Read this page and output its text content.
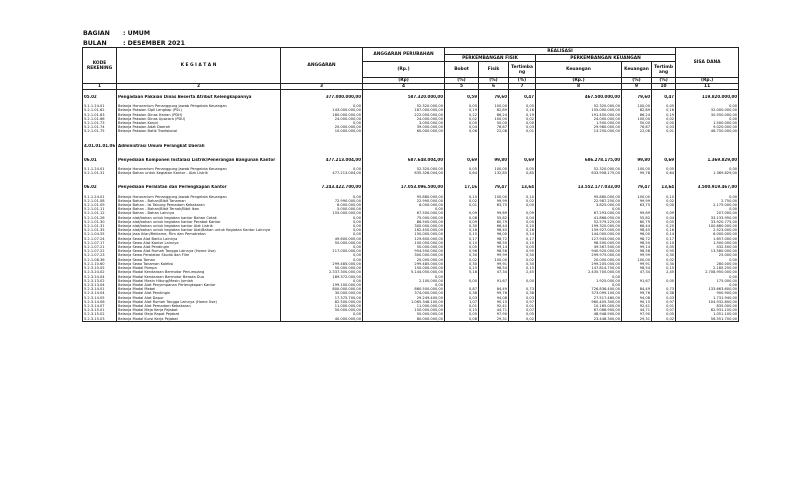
BAGIAN : UMUM
BULAN	: DESEMBER 2021
KODE REKENING	K E G I A T A N	ANGGARAN	ANGGARAN PERUBAHAN	REALISASI						SISA DANA
				PERKEMBANGAN FISIK			PERKEMBANGAN KEUANGAN			
			(Rp.)	Bobot	Fisik	Tertimbang	Keuangan	Keuangan	Tertimbang	
			(Rp)	(%)	(%)	(%)	(Rp.)	(%)	(%)	(Rp.)
1	2	3	4	5	6	7	8	9	10	11

05.02	Pengadaan Pakaian Dinas Beserta Atribut Kelengkapannya	377.000.000,00	587.320.000,00	0,59	79,60	0,47	467.500.000,00	79,60	0,47	119.820.000,00

5.1.1.24.01	Belanja Honorarium Penanggung Jawab Pengelola Keuangan	0,00	52.320.000,00	0,05	100,00	0,05	52.320.000,00	100,00	0,05	0,00
5.2.1.01.62	Belanja Pakaian Sipil Lengkap (PSL)	143.000.000,00	187.000.000,00	0,19	82,89	0,16	155.000.000,00	82,89	0,16	32.000.000,00
5.2.1.01.63	Belanja Pakaian Dinas Harian (PDH)	180.000.000,00	222.000.000,00	0,22	86,24	0,19	191.450.000,00	86,24	0,19	30.550.000,00
5.2.1.01.66	Belanja Pakaian Dinas Upacara (PDU)	24.000.000,00	24.000.000,00	0,02	100,00	0,02	24.000.000,00	100,00	0,02	0,00
5.2.1.01.73	Belanja Pakaian Korpri	0,00	3.000.000,00	0,00	50,00	0,00	1.500.000,00	50,00	0,00	1.500.000,00
5.2.1.01.74	Belanja Pakaian Adat Daerah	20.000.000,00	39.000.000,00	0,04	76,87	0,03	29.980.000,00	76,87	0,03	9.020.000,00
5.2.1.01.75	Belanja Pakaian Batik Tradisional	10.000.000,00	60.000.000,00	0,06	22,08	0,01	13.250.000,00	22,08	0,01	46.750.000,00

4.01.01.01.06	Administrasi Umum Perangkat Daerah									

06.01	Penyediaan Komponen Instalasi Listrik/Penerangan Bangunan Kantor	477.213.004,00	687.648.004,00	0,69	99,80	0,69	686.278.175,00	99,80	0,69	1.369.829,00

5.1.1.24.01	Belanja Honorarium Penanggung Jawab Pengelola Keuangan	0,00	52.320.000,00	0,05	100,00	0,05	52.320.000,00	100,00	0,05	0,00
5.2.1.01.31	Belanja Bahan untuk Kegiatan Kantor - Alat Listrik	477.213.004,00	635.328.004,00	0,64	132,85	0,85	633.958.175,00	99,78	0,64	1.369.829,00

06.02	Penyediaan Peralatan dan Perlengkapan Kantor	7.243.422.700,00	17.053.096.500,00	17,16	79,47	13,64	13.552.177.033,00	79,47	13,64	3.500.919.467,00

5.1.1.24.01	Belanja Honorarium Penanggung Jawab Pengelola Keuangan	0,00	95.880.000,00	0,10	100,00	0,10	95.880.000,00	100,00	0,10	0,00
5.2.1.01.08	Belanja Bahan - Bahan/Bibit Tanaman	72.990.000,00	22.990.000,00	0,02	99,99	0,02	22.987.250,00	99,99	0,02	2.750,00
5.2.1.01.09	Belanja Bahan - Isi Tabung Pemadam Kebakaran	6.000.000,00	6.000.000,00	0,01	63,75	0,00	3.825.000,00	63,75	0,00	2.175.000,00
5.2.1.01.11	Belanja Bahan - Bahan/Bibit Ternak/Bibit Ikan	5.000.000,00	0,00				0,00			0,00
5.2.1.01.12	Belanja Bahan - Bahan Lainnya	155.000.000,00	67.500.000,00	0,09	99,69	0,09	67.293.000,00	99,69	0,09	207.000,00
5.2.1.01.26	Belanja alat/bahan untuk kegiatan kantor Bahan Cetak	0,00	75.000.000,00	0,08	55,82	0,04	41.866.050,00	55,82	0,04	33.133.950,00
5.2.1.01.30	Belanja alat/bahan untuk kegiatan kantor Perabot Kantor	0,00	86.500.000,00	0,09	60,79	0,05	52.579.225,00	60,79	0,05	33.920.775,00
5.2.1.01.31	Belanja alat/bahan untuk kegiatan kantor Alat Listrik	0,00	300.000.000,00	0,30	66,44	0,20	199.320.000,00	66,44	0,20	100.680.000,00
5.2.1.01.35	Belanja alat/bahan untuk kegiatan kantor Alat/Bahan untuk Kegiatan Kantor Lainnya	0,00	162.450.000,00	0,16	98,45	0,16	159.927.000,00	98,45	0,16	2.523.000,00
5.2.1.04.55	Belanja Jasa Iklan/Reklame, Film dan Pemotretan	0,00	150.000.000,00	0,15	96,00	0,14	144.000.000,00	96,00	0,14	6.000.000,00
5.2.1.07.24	Belanja Sewa Alat Bantu Lainnya	49.600.000,00	129.600.000,00	0,17	98,72	0,17	127.943.000,00	98,72	0,17	1.657.000,00
5.2.1.07.17	Belanja Sewa Alat Kantor Lainnya	50.000.000,00	100.000.000,00	0,10	98,50	0,10	98.500.000,00	98,50	0,10	1.500.000,00
5.2.1.07.21	Belanja Sewa Alat Pendingin	0,00	50.000.000,00	0,05	99,14	0,05	49.567.500,00	99,14	0,05	432.500,00
5.2.1.07.22	Belanja Sewa Alat Rumah Tangga Lainnya (Home Use)	217.000.000,00	954.500.000,00	0,96	98,58	0,95	940.920.000,00	98,58	0,95	13.580.000,00
5.2.1.07.23	Belanja Sewa Peralatan Studio dan Film	0,00	300.000.000,00	0,30	99,99	0,30	299.975.000,00	99,99	0,30	25.000,00
5.2.1.08.36	Belanja Sewa Taman	0,00	20.000.000,00	0,02	100,00	0,02	20.000.000,00	100,00	0,02	0,00
5.2.1.10.60	Belanja Sewa Tanaman Koleksi	299.485.000,00	299.485.000,00	0,30	99,91	0,30	299.205.000,00	99,91	0,30	280.000,00
5.2.3.10.05	Belanja Modal Pompa	50.000.000,00	150.000.000,00	0,15	98,54	0,15	147.814.750,00	98,54	0,15	2.185.250,00
5.2.3.24.02	Belanja Modal Kendaraan Bermotor Penumpang	2.337.300.000,00	5.144.050.000,00	5,18	47,34	2,45	2.435.700.000,00	47,34	2,45	2.708.950.000,00
5.2.3.24.04	Belanja Modal Kendaraan Bermotor Beroda Dua	189.372.000,00	0,00				0,00			0,00
5.2.3.13.02	Belanja Modal Mesin Hitung/Mesin Jumlah	0,00	2.100.000,00	0,00	91,67	0,00	1.925.000,00	91,67	0,00	175.000,00
5.2.3.13.04	Belanja Modal Alat Penyimpanan Perlengkapan Kantor	199.100.000,00	0,00				0,00			0,00
5.2.3.14.01	Belanja Modal Mebel	800.000.000,00	860.500.000,00	0,87	84,49	0,73	726.836.400,00	84,49	0,73	133.663.600,00
5.2.3.14.04	Belanja Modal Alat Pendingin	30.000.000,00	374.000.000,00	0,38	99,76	0,38	373.099.100,00	99,76	0,38	900.900,00
5.2.3.14.05	Belanja Modal Alat Dapur	17.375.700,00	29.249.400,00	0,03	94,08	0,03	27.517.460,00	94,08	0,03	1.731.940,00
5.2.3.14.06	Belanja Modal Alat Rumah Tangga Lainnya (Home Use)	82.500.000,00	1.065.348.100,00	1,07	90,15	0,97	960.405.300,00	90,15	0,97	104.932.800,00
5.2.3.14.07	Belanja Modal Alat Pemadam Kebakaran	11.000.000,00	11.000.000,00	0,01	92,41	0,01	10.165.000,00	92,41	0,01	835.000,00
5.2.3.15.01	Belanja Modal Meja Kerja Pejabat	50.000.000,00	150.000.000,00	0,15	44,71	0,07	67.068.900,00	44,71	0,07	82.931.100,00
5.2.3.15.02	Belanja Modal Meja Rapat Pejabat	0,00	50.000.000,00	0,05	97,90	0,05	48.948.900,00	97,90	0,05	1.051.100,00
5.2.3.15.03	Belanja Modal Kursi Kerja Pejabat	40.000.000,00	80.000.000,00	0,08	29,31	0,02	23.448.300,00	29,31	0,02	56.551.700,00
